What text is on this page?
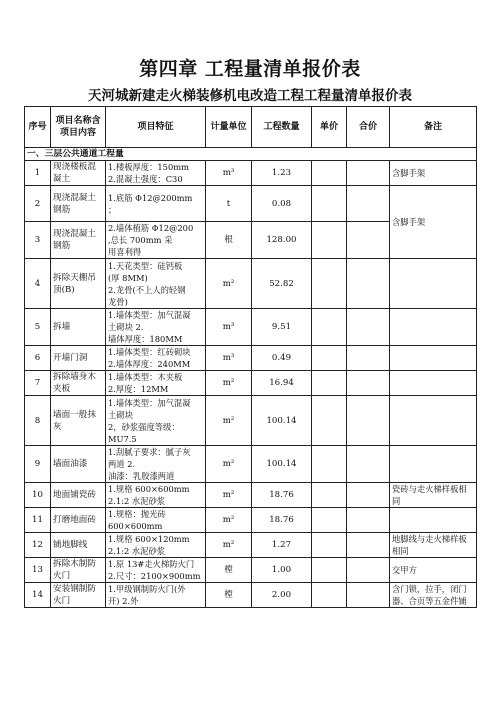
第四章 工程量清单报价表
天河城新建走火梯装修机电改造工程工程量清单报价表
序号	项目名称含项目内容	项目特征	计量单位	工程数量	单价	合价	备注
一、三层公共通道工程量							
1	现浇楼板混凝土	1.楼板厚度：150mm
2.混凝土强度：C30	m³	1.23			含脚手架
2	现浇混凝土钢筋	1.底筋 Φ12@200mm ；	t	0.08			含脚手架
3	现浇混凝土钢筋	2.墙体植筋 Φ12@200
,总长 700mm 采
用喜利得	根	128.00			
4	拆除天棚吊顶(B)	1.天花类型：硅钙板
(厚 8MM)
2.龙骨(不上人的轻钢
龙骨)	m²	52.82			
5	拆墙	1.墙体类型：加气混凝
土砌块 2.
墙体厚度：180MM	m³	9.51			
6	开墙门洞	1.墙体类型：红砖砌块
2.墙体厚度：240MM	m³	0.49			
7	拆除墙身木夹板	1.墙体类型：木夹板
2.厚度：12MM	m²	16.94			
8	墙面一般抹灰	1.墙体类型：加气混凝
土砌块
2，砂浆强度等级：
MU7.5	m²	100.14			
9	墙面油漆	1.刮腻子要求：腻子灰
两道 2.
油漆：乳胶漆两道	m²	100.14			
10	地面铺瓷砖	1.规格 600×600mm
2.1:2 水泥砂浆	m²	18.76			瓷砖与走火梯样板相
同
11	打磨地面砖	1.规格：抛光砖
600×600mm	m²	18.76			
12	铺地脚线	1.规格 600×120mm
2.1:2 水泥砂浆	m²	1.27			地脚线与走火梯样板
相同
13	拆除木制防火门	1.原 13#走火梯防火门
2.尺寸：2100×900mm	樘	1.00			交甲方
14	安装钢制防火门	1.甲级钢制防火门(外
开) 2.外	樘	2.00			含门锁，拉手，闭门
器、合页等五金件铺
